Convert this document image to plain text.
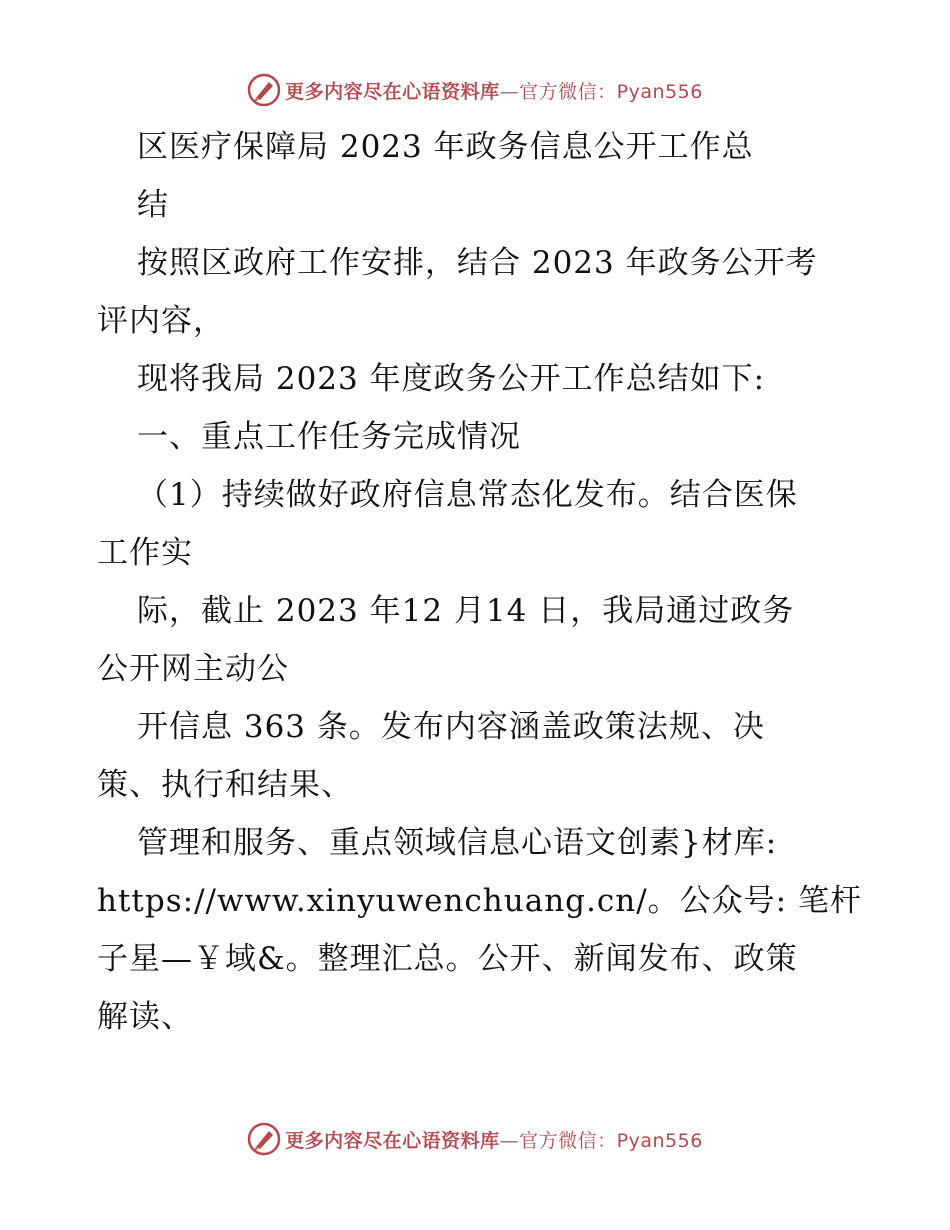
更多内容尽在心语资料库—官方微信：Pyan556
区医疗保障局 2023 年政务信息公开工作总
结
按照区政府工作安排，结合 2023 年政务公开考
评内容，
现将我局 2023 年度政务公开工作总结如下:
一、重点工作任务完成情况
（1）持续做好政府信息常态化发布。结合医保
工作实
际，截止 2023 年12 月14 日，我局通过政务
公开网主动公
开信息 363 条。发布内容涵盖政策法规、决
策、执行和结果、
管理和服务、重点领域信息心语文创素}材库:
https://www.xinyuwenchuang.cn/。公众号: 笔杆
子星—￥域&。整理汇总。公开、新闻发布、政策
解读、
更多内容尽在心语资料库—官方微信：Pyan556
